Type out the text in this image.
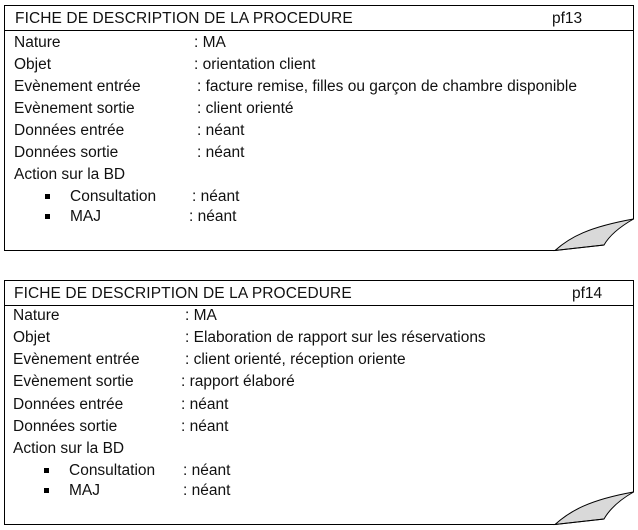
FICHE DE DESCRIPTION DE LA PROCEDURE	pf13
Nature	: MA
Objet	: orientation client
Evènement entrée	: facture remise, filles ou garçon de chambre disponible
Evènement sortie	: client orienté
Données entrée	: néant
Données sortie	: néant
Action sur la BD
Consultation : néant
MAJ	: néant
FICHE DE DESCRIPTION DE LA PROCEDURE	pf14
Nature	: MA
Objet	: Elaboration de rapport sur les réservations
Evènement entrée	: client orienté, réception oriente
Evènement sortie	: rapport élaboré
Données entrée	: néant
Données sortie	: néant
Action sur la BD
Consultation : néant
MAJ	: néant
